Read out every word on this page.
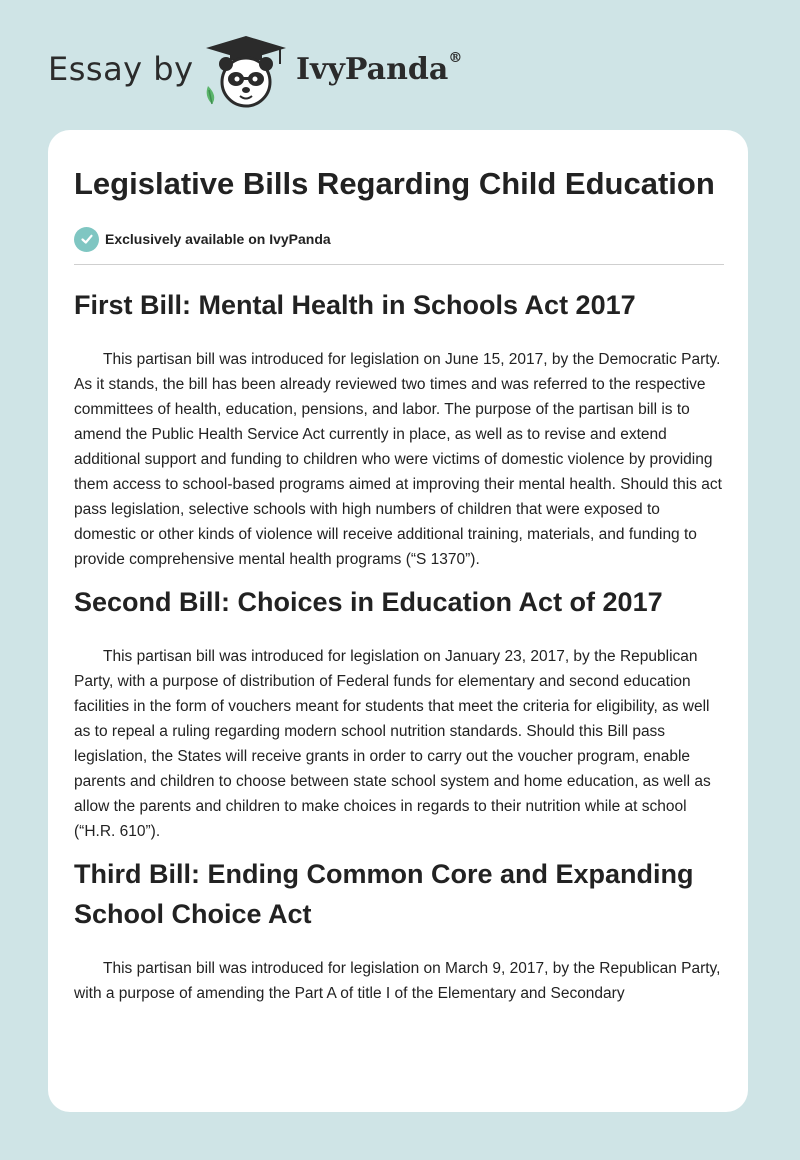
Essay by	IvyPanda®
Legislative Bills Regarding Child Education
Exclusively available on IvyPanda
First Bill: Mental Health in Schools Act 2017

This partisan bill was introduced for legislation on June 15, 2017, by the Democratic Party. As it stands, the bill has been already reviewed two times and was referred to the respective committees of health, education, pensions, and labor. The purpose of the partisan bill is to amend the Public Health Service Act currently in place, as well as to revise and extend additional support and funding to children who were victims of domestic violence by providing them access to school-based programs aimed at improving their mental health. Should this act pass legislation, selective schools with high numbers of children that were exposed to domestic or other kinds of violence will receive additional training, materials, and funding to provide comprehensive mental health programs (“S 1370”).

Second Bill: Choices in Education Act of 2017

This partisan bill was introduced for legislation on January 23, 2017, by the Republican Party, with a purpose of distribution of Federal funds for elementary and second education facilities in the form of vouchers meant for students that meet the criteria for eligibility, as well as to repeal a ruling regarding modern school nutrition standards. Should this Bill pass legislation, the States will receive grants in order to carry out the voucher program, enable parents and children to choose between state school system and home education, as well as allow the parents and children to make choices in regards to their nutrition while at school (“H.R. 610”).

Third Bill: Ending Common Core and Expanding School Choice Act

This partisan bill was introduced for legislation on March 9, 2017, by the Republican Party, with a purpose of amending the Part A of title I of the Elementary and Secondary
